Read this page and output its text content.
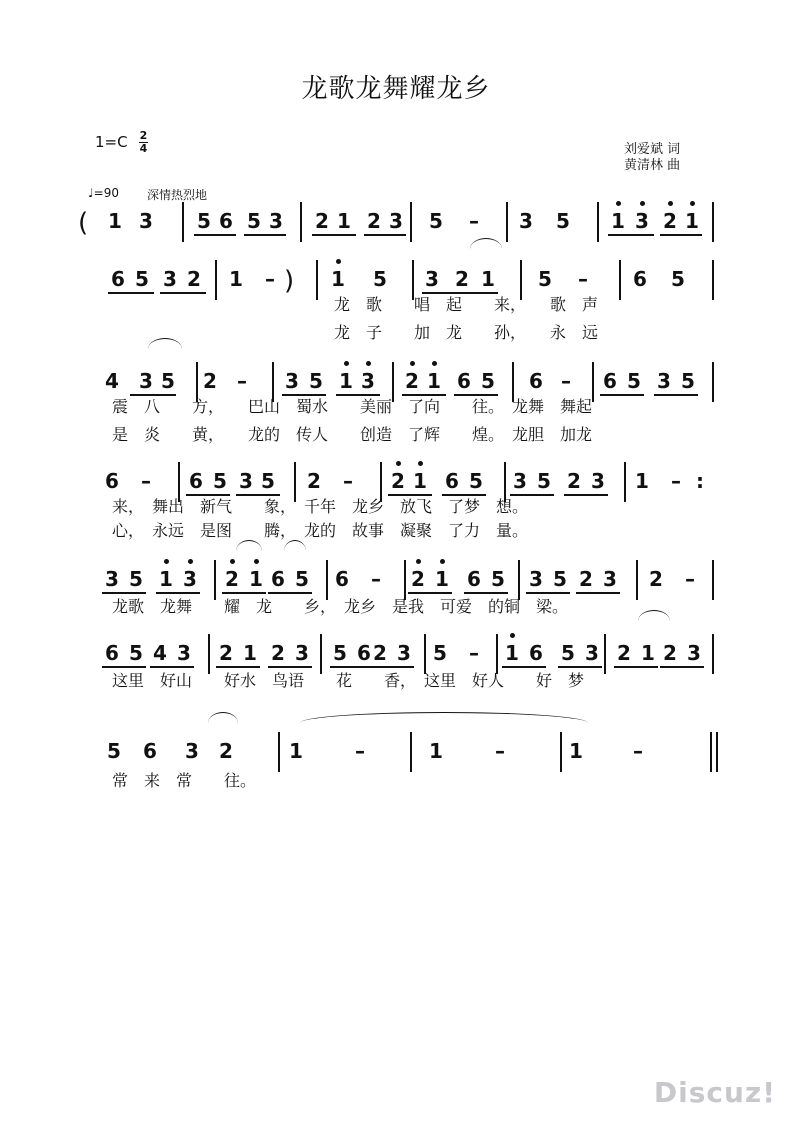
龙歌龙舞耀龙乡
1=C 2
4	刘爱斌 词
黄清林 曲
♩=90 深情热烈地
( 1 3 5 6 5 3 2 1 2 3 5 – 3 5 1 3 2 1
6 5 3 2 1 – ) 1 5 3 2 1 5 – 6 5
龙　歌　　唱　起　　来，　　歌　声
龙　子　　加　龙　　孙，　　永　远
4 3 5 2 – 3 5 1 3 2 1 6 5 6 – 6 5 3 5
震　八　　方，　　巴山　蜀水　　美丽　了向　　往。　龙舞　舞起
是　炎　　黄，　　龙的　传人　　创造　了辉　　煌。　龙胆　加龙
6 – 6 5 3 5 2 – 2 1 6 5 3 5 2 3 1 – :
来，　舞出　新气　　象，　千年　龙乡　放飞　了梦　想。
心，　永远　是图　　腾，　龙的　故事　凝聚　了力　量。
3 5 1 3 2 1 6 5 6 – 2 1 6 5 3 5 2 3 2 –
龙歌　龙舞　　耀　龙　　乡，　龙乡　是我　可爱　的铜　梁。
6 5 4 3 2 1 2 3 5 6 2 3 5 – 1 6 5 3 2 1 2 3
这里　好山　　好水　鸟语　　花　　香，　这里　好人　　好　梦
5 6 3 2	1	–	1	–	1	–
常　来　常　　往。
Discuz!
